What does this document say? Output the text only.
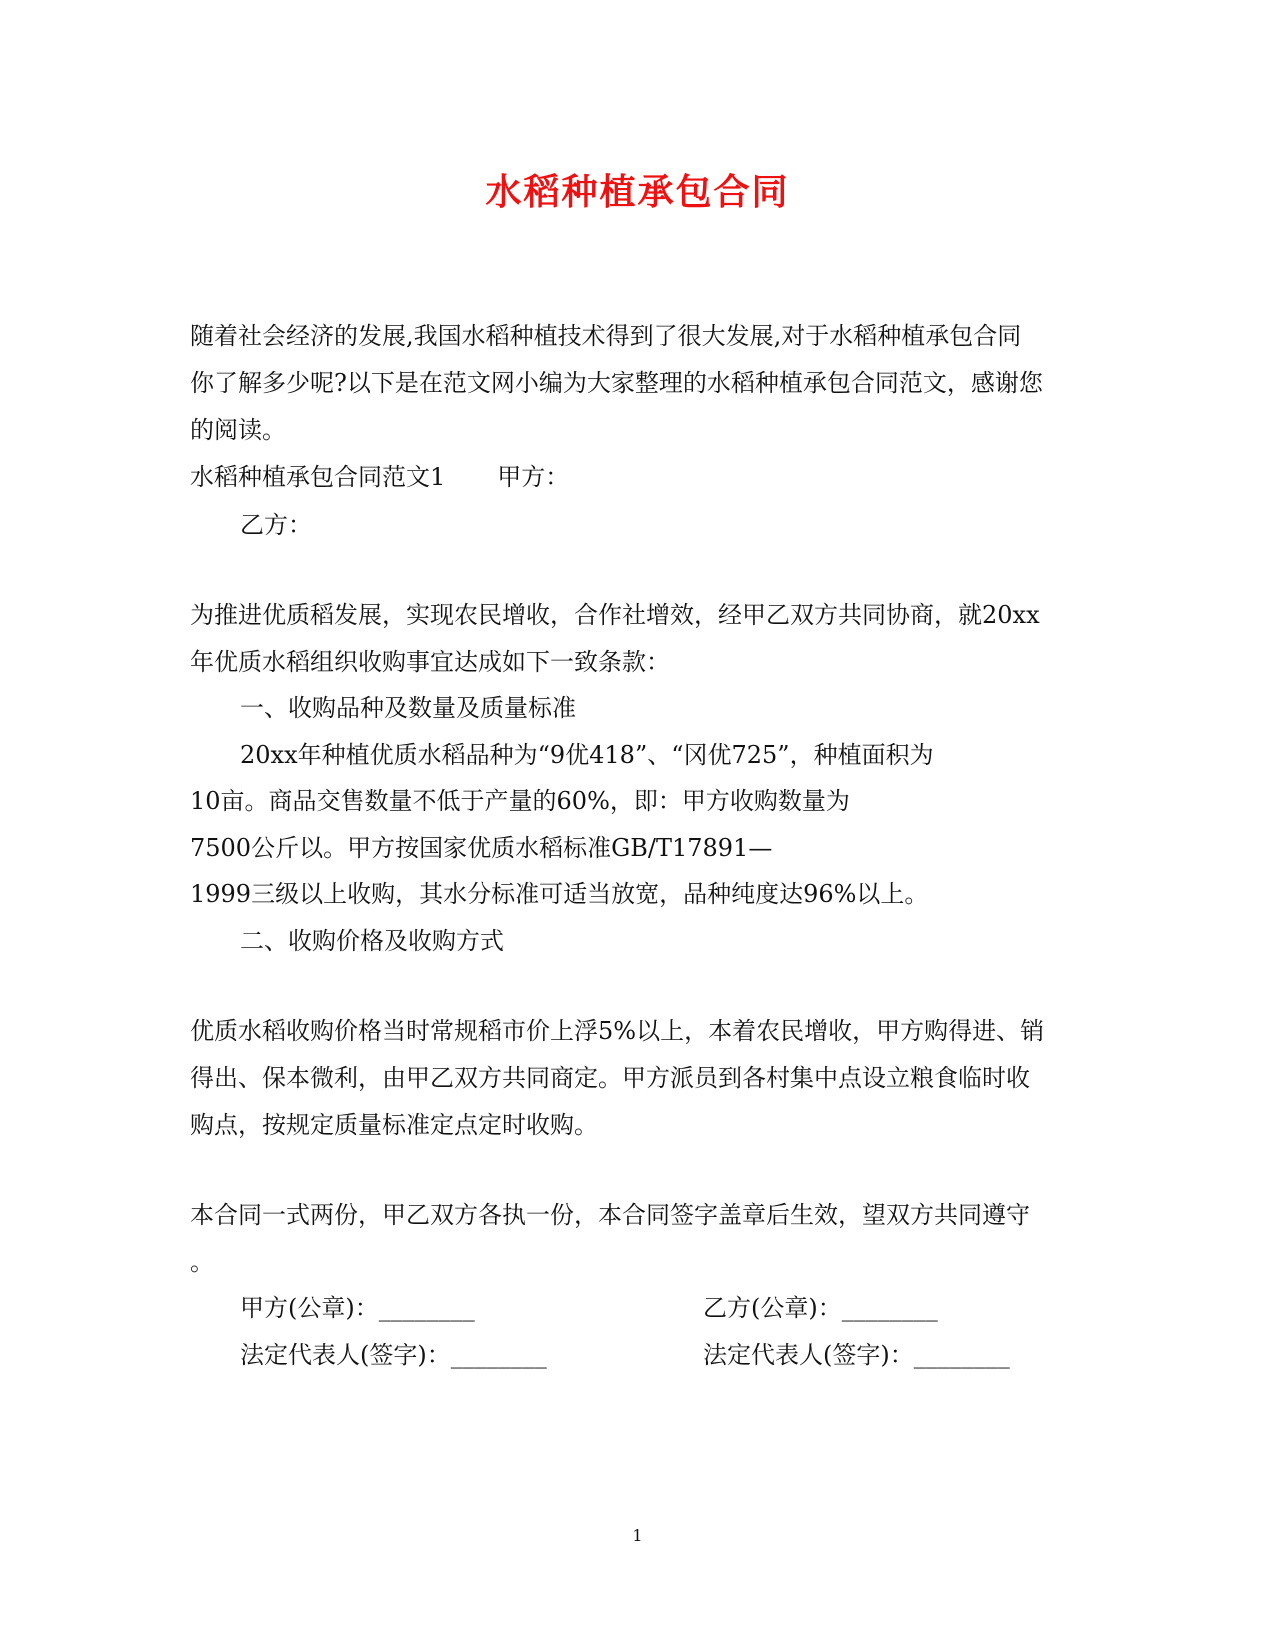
水稻种植承包合同
随着社会经济的发展,我国水稻种植技术得到了很大发展,对于水稻种植承包合同
你了解多少呢?以下是在范文网小编为大家整理的水稻种植承包合同范文，感谢您
的阅读。
水稻种植承包合同范文1 甲方：
乙方：
为推进优质稻发展，实现农民增收，合作社增效，经甲乙双方共同协商，就20xx
年优质水稻组织收购事宜达成如下一致条款：
一、收购品种及数量及质量标准
20xx年种植优质水稻品种为“9优418”、“冈优725”，种植面积为
10亩。商品交售数量不低于产量的60%，即：甲方收购数量为
7500公斤以。甲方按国家优质水稻标准GB/T17891—
1999三级以上收购，其水分标准可适当放宽，品种纯度达96%以上。
二、收购价格及收购方式
优质水稻收购价格当时常规稻市价上浮5%以上，本着农民增收，甲方购得进、销
得出、保本微利，由甲乙双方共同商定。甲方派员到各村集中点设立粮食临时收
购点，按规定质量标准定点定时收购。
本合同一式两份，甲乙双方各执一份，本合同签字盖章后生效，望双方共同遵守
。
甲方(公章)：________	乙方(公章)：________
法定代表人(签字)：________	法定代表人(签字)：________
1
